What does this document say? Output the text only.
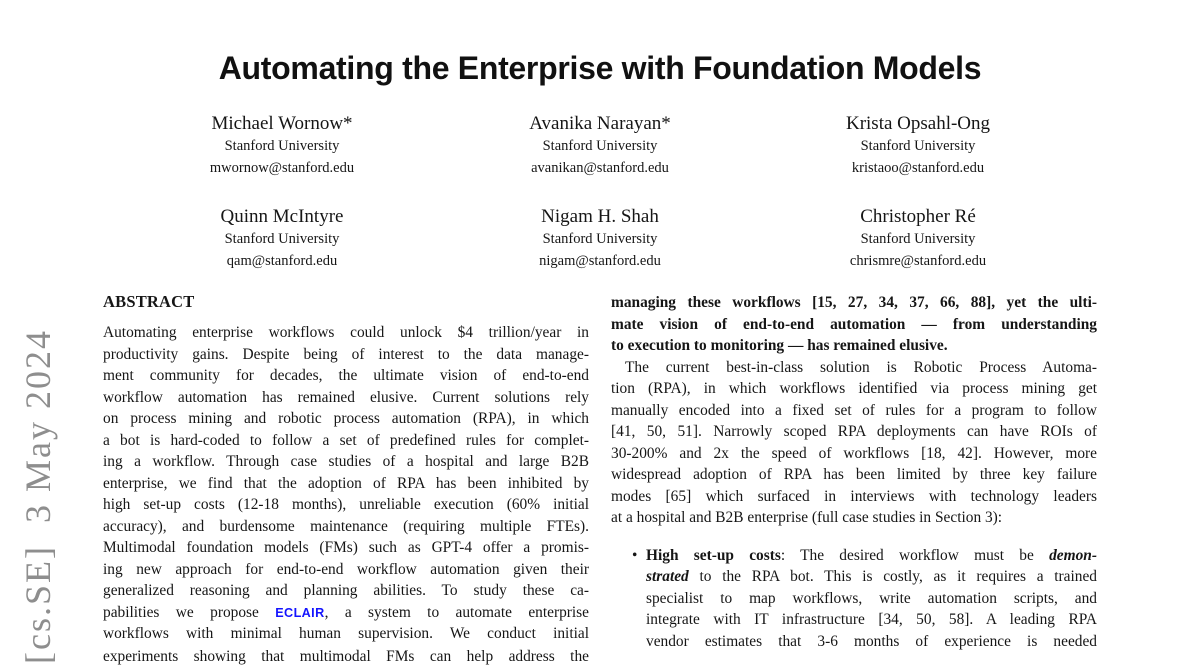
[cs.SE]  3 May 2024
Automating the Enterprise with Foundation Models
Michael Wornow*
Stanford University
mwornow@stanford.edu
Avanika Narayan*
Stanford University
avanikan@stanford.edu
Krista Opsahl-Ong
Stanford University
kristaoo@stanford.edu
Quinn McIntyre
Stanford University
qam@stanford.edu
Nigam H. Shah
Stanford University
nigam@stanford.edu
Christopher Ré
Stanford University
chrismre@stanford.edu
ABSTRACT
Automating enterprise workflows could unlock $4 trillion/year in
productivity gains. Despite being of interest to the data manage-
ment community for decades, the ultimate vision of end-to-end
workflow automation has remained elusive. Current solutions rely
on process mining and robotic process automation (RPA), in which
a bot is hard-coded to follow a set of predefined rules for complet-
ing a workflow. Through case studies of a hospital and large B2B
enterprise, we find that the adoption of RPA has been inhibited by
high set-up costs (12-18 months), unreliable execution (60% initial
accuracy), and burdensome maintenance (requiring multiple FTEs).
Multimodal foundation models (FMs) such as GPT-4 offer a promis-
ing new approach for end-to-end workflow automation given their
generalized reasoning and planning abilities. To study these ca-
pabilities we propose ECLAIR, a system to automate enterprise
workflows with minimal human supervision. We conduct initial
experiments showing that multimodal FMs can help address the
managing these workflows [15, 27, 34, 37, 66, 88], yet the ulti-
mate vision of end-to-end automation — from understanding
to execution to monitoring — has remained elusive.
The current best-in-class solution is Robotic Process Automa-
tion (RPA), in which workflows identified via process mining get
manually encoded into a fixed set of rules for a program to follow
[41, 50, 51]. Narrowly scoped RPA deployments can have ROIs of
30-200% and 2x the speed of workflows [18, 42]. However, more
widespread adoption of RPA has been limited by three key failure
modes [65] which surfaced in interviews with technology leaders
at a hospital and B2B enterprise (full case studies in Section 3):
• High set-up costs: The desired workflow must be demon-
strated to the RPA bot. This is costly, as it requires a trained
specialist to map workflows, write automation scripts, and
integrate with IT infrastructure [34, 50, 58]. A leading RPA
vendor estimates that 3-6 months of experience is needed
